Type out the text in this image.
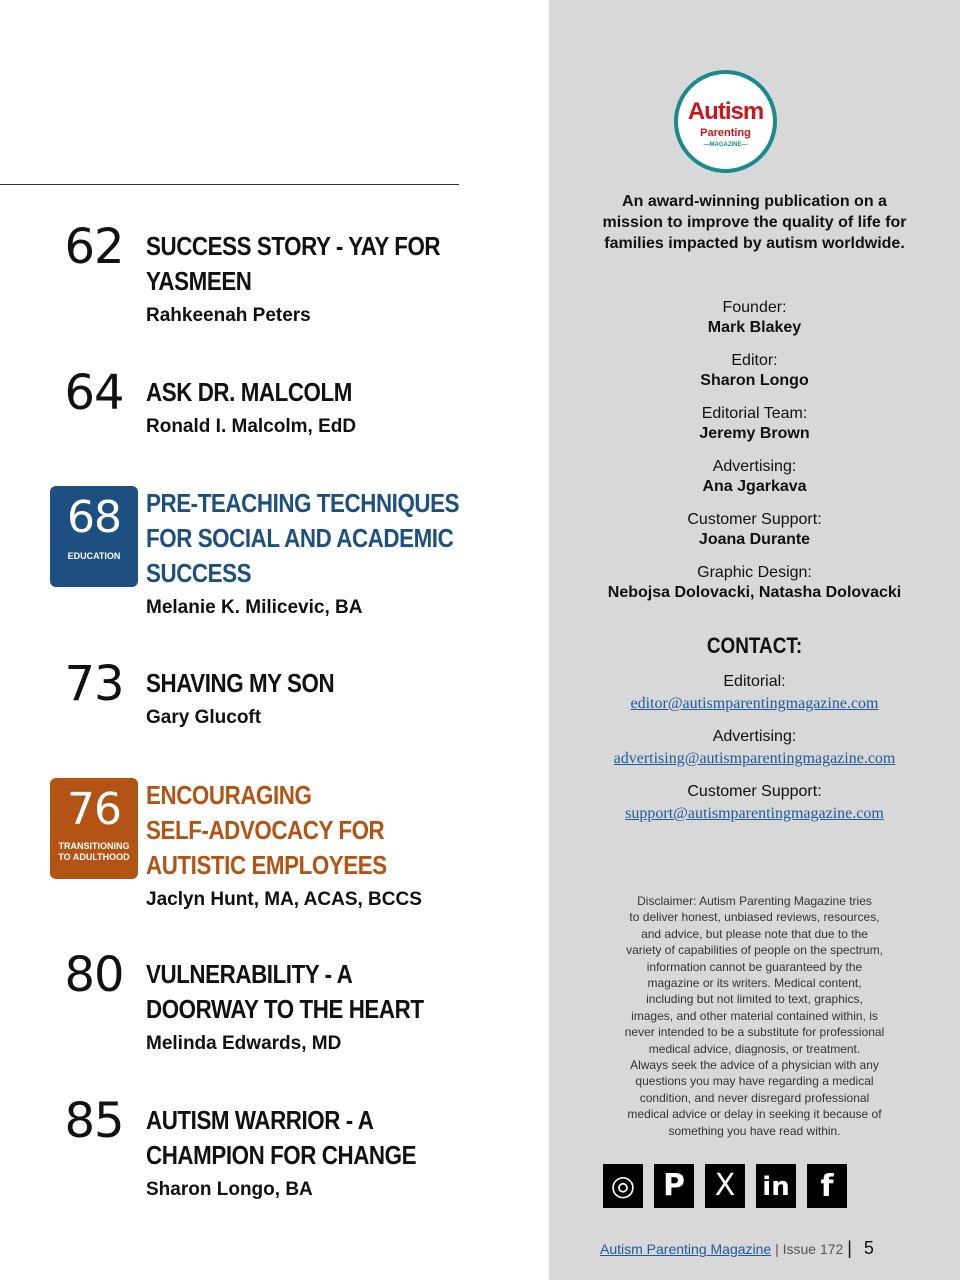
62 SUCCESS STORY - YAY FOR
YASMEEN
Rahkeenah Peters
64 ASK DR. MALCOLM
Ronald I. Malcolm, EdD
68
EDUCATION
PRE-TEACHING TECHNIQUES
FOR SOCIAL AND ACADEMIC
SUCCESS
Melanie K. Milicevic, BA
73 SHAVING MY SON
Gary Glucoft
76
TRANSITIONING
TO ADULTHOOD
ENCOURAGING
SELF-ADVOCACY FOR
AUTISTIC EMPLOYEES
Jaclyn Hunt, MA, ACAS, BCCS
80 VULNERABILITY - A
DOORWAY TO THE HEART
Melinda Edwards, MD
85 AUTISM WARRIOR - A
CHAMPION FOR CHANGE
Sharon Longo, BA
Autism
Parenting
—MAGAZINE—
An award-winning publication on a
mission to improve the quality of life for
families impacted by autism worldwide.
Founder:
Mark Blakey
Editor:
Sharon Longo
Editorial Team:
Jeremy Brown
Advertising:
Ana Jgarkava
Customer Support:
Joana Durante
Graphic Design:
Nebojsa Dolovacki, Natasha Dolovacki
CONTACT:
Editorial:
editor@autismparentingmagazine.com
Advertising:
advertising@autismparentingmagazine.com
Customer Support:
support@autismparentingmagazine.com
Disclaimer: Autism Parenting Magazine tries
to deliver honest, unbiased reviews, resources,
and advice, but please note that due to the
variety of capabilities of people on the spectrum,
information cannot be guaranteed by the
magazine or its writers. Medical content,
including but not limited to text, graphics,
images, and other material contained within, is
never intended to be a substitute for professional
medical advice, diagnosis, or treatment.
Always seek the advice of a physician with any
questions you may have regarding a medical
condition, and never disregard professional
medical advice or delay in seeking it because of
something you have read within.
◎ P X	in	f
Autism Parenting Magazine | Issue 172 | 5
